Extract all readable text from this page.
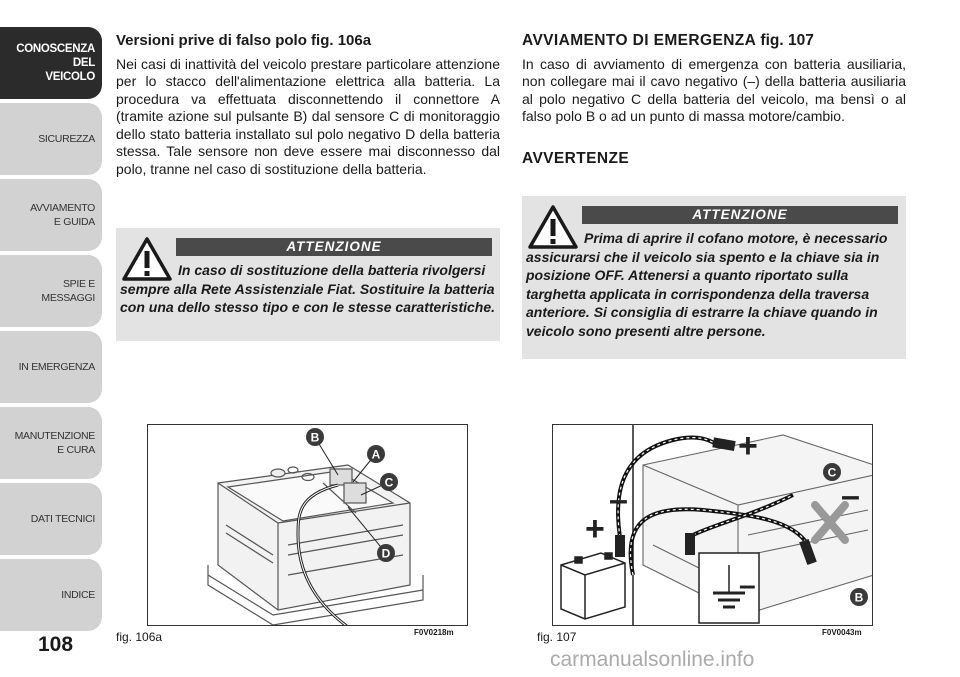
CONOSCENZA
DEL
VEICOLO
SICUREZZA
AVVIAMENTO
E GUIDA
SPIE E
MESSAGGI
IN EMERGENZA
MANUTENZIONE
E CURA
DATI TECNICI
INDICE
108
Versioni prive di falso polo fig. 106a
Nei casi di inattività del veicolo prestare particolare attenzione per lo stacco dell'alimentazione elettrica alla batteria. La procedura va effettuata disconnettendo il connettore A (tramite azione sul pulsante B) dal sensore C di monitoraggio dello stato batteria installato sul polo negativo D della batteria stessa. Tale sensore non deve essere mai disconnesso dal polo, tranne nel caso di sostituzione della batteria.
ATTENZIONE
In caso di sostituzione della batteria rivolgersi sempre alla Rete Assistenziale Fiat. Sostituire la batteria con una dello stesso tipo e con le stesse caratteristiche.
AVVIAMENTO DI EMERGENZA fig. 107
In caso di avviamento di emergenza con batteria ausiliaria, non collegare mai il cavo negativo (–) della batteria ausiliaria al polo negativo C della batteria del veicolo, ma bensì o al falso polo B o ad un punto di massa motore/cambio.
AVVERTENZE
ATTENZIONE
Prima di aprire il cofano motore, è necessario assicurarsi che il veicolo sia spento e la chiave sia in posizione OFF. Attenersi a quanto riportato sulla targhetta applicata in corrispondenza della traversa anteriore. Si consiglia di estrarre la chiave quando in veicolo sono presenti altre persone.
B
A
C
D
fig. 106a	F0V0218m
+
–
+
–
–
C
B
fig. 107	F0V0043m
carmanualsonline.info
